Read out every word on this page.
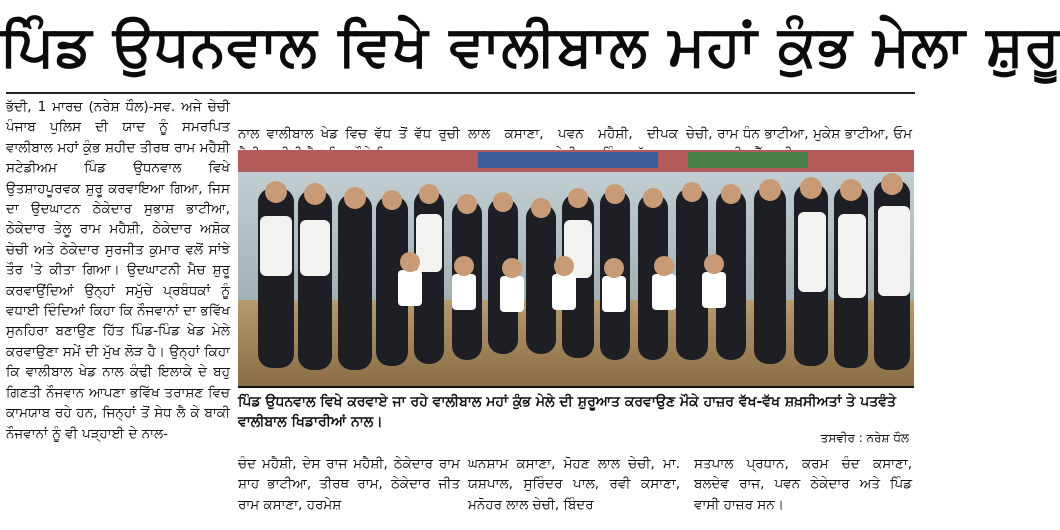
ਪਿੰਡ ਉਧਨਵਾਲ ਵਿਖੇ ਵਾਲੀਬਾਲ ਮਹਾਂ ਕੁੰਭ ਮੇਲਾ ਸ਼ੁਰੂ

ਭੱਦੀ, 1 ਮਾਰਚ (ਨਰੇਸ਼ ਧੌਲ)-ਸਵ. ਅਜੇ ਚੇਚੀ ਪੰਜਾਬ ਪੁਲਿਸ ਦੀ ਯਾਦ ਨੂੰ ਸਮਰਪਿਤ ਵਾਲੀਬਾਲ ਮਹਾਂ ਕੁੰਭ ਸ਼ਹੀਦ ਤੀਰਥ ਰਾਮ ਮਹੈਸ਼ੀ ਸਟੇਡੀਅਮ ਪਿੰਡ ਉਧਨਵਾਲ ਵਿਖੇ ਉਤਸ਼ਾਹਪੂਰਵਕ ਸ਼ੁਰੂ ਕਰਵਾਇਆ ਗਿਆ, ਜਿਸ ਦਾ ਉਦਘਾਟਨ ਠੇਕੇਦਾਰ ਸੁਭਾਸ਼ ਭਾਟੀਆ, ਠੇਕੇਦਾਰ ਤੇਲੂ ਰਾਮ ਮਹੈਸ਼ੀ, ਠੇਕੇਦਾਰ ਅਸ਼ੋਕ ਚੇਚੀ ਅਤੇ ਠੇਕੇਦਾਰ ਸੁਰਜੀਤ ਕੁਮਾਰ ਵਲੋਂ ਸਾਂਝੇ ਤੌਰ 'ਤੇ ਕੀਤਾ ਗਿਆ। ਉਦਘਾਟਨੀ ਮੈਚ ਸ਼ੁਰੂ ਕਰਵਾਉਂਦਿਆਂ ਉਨ੍ਹਾਂ ਸਮੁੱਚੇ ਪ੍ਰਬੰਧਕਾਂ ਨੂੰ ਵਧਾਈ ਦਿੰਦਿਆਂ ਕਿਹਾ ਕਿ ਨੌਜਵਾਨਾਂ ਦਾ ਭਵਿੱਖ ਸੁਨਹਿਰਾ ਬਣਾਉਣ ਹਿੱਤ ਪਿੰਡ-ਪਿੰਡ ਖੇਡ ਮੇਲੇ ਕਰਵਾਉਣਾ ਸਮੇਂ ਦੀ ਮੁੱਖ ਲੋੜ ਹੈ। ਉਨ੍ਹਾਂ ਕਿਹਾ ਕਿ ਵਾਲੀਬਾਲ ਖੇਡ ਨਾਲ ਕੰਢੀ ਇਲਾਕੇ ਦੇ ਬਹੁ ਗਿਣਤੀ ਨੌਜਵਾਨ ਆਪਣਾ ਭਵਿੱਖ ਤਰਾਸ਼ਣ ਵਿਚ ਕਾਮਯਾਬ ਰਹੇ ਹਨ, ਜਿਨ੍ਹਾਂ ਤੋਂ ਸੇਧ ਲੈ ਕੇ ਬਾਕੀ ਨੌਜਵਾਨਾਂ ਨੂੰ ਵੀ ਪੜ੍ਹਾਈ ਦੇ ਨਾਲ-

ਨਾਲ ਵਾਲੀਬਾਲ ਖੇਡ ਵਿਚ ਵੱਧ ਤੋਂ ਵੱਧ ਰੁਚੀ ਲਾਲ ਕਸਾਣਾ, ਪਵਨ ਮਹੈਸ਼ੀ, ਦੀਪਕ ਚੇਚੀ, ਰਾਮ ਧੰਨ ਭਾਟੀਆ, ਮੁਕੇਸ਼ ਭਾਟੀਆ, ਓਮ

ਪਿੰਡ ਉਧਨਵਾਲ ਵਿਖੇ ਕਰਵਾਏ ਜਾ ਰਹੇ ਵਾਲੀਬਾਲ ਮਹਾਂ ਕੁੰਭ ਮੇਲੇ ਦੀ ਸ਼ੁਰੂਆਤ ਕਰਵਾਉਣ ਮੌਕੇ ਹਾਜ਼ਰ ਵੱਖ-ਵੱਖ ਸ਼ਖ਼ਸੀਅਤਾਂ ਤੇ ਪਤਵੰਤੇ ਵਾਲੀਬਾਲ ਖਿਡਾਰੀਆਂ ਨਾਲ।
ਤਸਵੀਰ : ਨਰੇਸ਼ ਧੌਲ

ਚੰਦ ਮਹੈਸ਼ੀ, ਦੇਸ ਰਾਜ ਮਹੈਸ਼ੀ, ਠੇਕੇਦਾਰ ਰਾਮ ਸ਼ਾਹ ਭਾਟੀਆ, ਤੀਰਥ ਰਾਮ, ਠੇਕੇਦਾਰ ਜੀਤ ਰਾਮ ਕਸਾਣਾ, ਹਰਮੇਸ਼

ਘਨਸ਼ਾਮ ਕਸਾਣਾ, ਮੋਹਣ ਲਾਲ ਚੇਚੀ, ਮਾ. ਯਸ਼ਪਾਲ, ਸੁਰਿੰਦਰ ਪਾਲ, ਰਵੀ ਕਸਾਣਾ, ਮਨੋਹਰ ਲਾਲ ਚੇਚੀ, ਬਿੰਦਰ

ਸਤਪਾਲ ਪ੍ਰਧਾਨ, ਕਰਮ ਚੰਦ ਕਸਾਣਾ, ਬਲਦੇਵ ਰਾਜ, ਪਵਨ ਠੇਕੇਦਾਰ ਅਤੇ ਪਿੰਡ ਵਾਸੀ ਹਾਜ਼ਰ ਸਨ।
